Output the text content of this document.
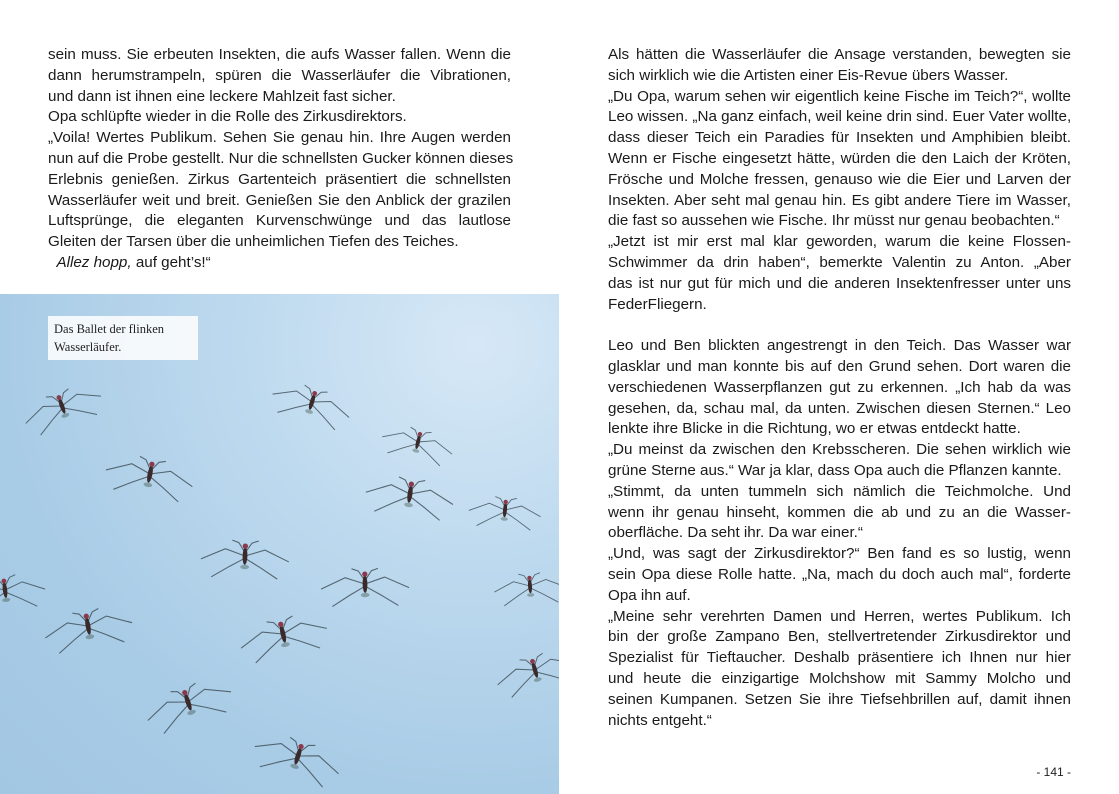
sein muss. Sie erbeuten Insekten, die aufs Wasser fallen. Wenn die
dann herumstrampeln, spüren die Wasserläufer die Vibrationen,
und dann ist ihnen eine leckere Mahlzeit fast sicher.
Opa schlüpfte wieder in die Rolle des Zirkusdirektors.
„Voila! Wertes Publikum. Sehen Sie genau hin. Ihre Augen werden
nun auf die Probe gestellt. Nur die schnellsten Gucker können dieses
Erlebnis genießen. Zirkus Gartenteich präsentiert die schnellsten
Wasserläufer weit und breit. Genießen Sie den Anblick der grazilen
Luftsprünge, die eleganten Kurvenschwünge und das lautlose
Gleiten der Tarsen über die unheimlichen Tiefen des Teiches.
Allez hopp, auf geht’s!“
Das Ballet der flinken
Wasserläufer.
Als hätten die Wasserläufer die Ansage verstanden, bewegten sie
sich wirklich wie die Artisten einer Eis-Revue übers Wasser.
„Du Opa, warum sehen wir eigentlich keine Fische im Teich?“, wollte
Leo wissen. „Na ganz einfach, weil keine drin sind. Euer Vater wollte,
dass dieser Teich ein Paradies für Insekten und Amphibien bleibt.
Wenn er Fische eingesetzt hätte, würden die den Laich der Kröten,
Frösche und Molche fressen, genauso wie die Eier und Larven der
Insekten. Aber seht mal genau hin. Es gibt andere Tiere im Wasser,
die fast so aussehen wie Fische. Ihr müsst nur genau beobachten.“
„Jetzt ist mir erst mal klar geworden, warum die keine Flossen-
Schwimmer da drin haben“, bemerkte Valentin zu Anton. „Aber
das ist nur gut für mich und die anderen Insektenfresser unter uns
FederFliegern.
Leo und Ben blickten angestrengt in den Teich. Das Wasser war
glasklar und man konnte bis auf den Grund sehen. Dort waren die
verschiedenen Wasserpflanzen gut zu erkennen. „Ich hab da was
gesehen, da, schau mal, da unten. Zwischen diesen Sternen.“ Leo
lenkte ihre Blicke in die Richtung, wo er etwas entdeckt hatte.
„Du meinst da zwischen den Krebsscheren. Die sehen wirklich wie
grüne Sterne aus.“ War ja klar, dass Opa auch die Pflanzen kannte.
„Stimmt, da unten tummeln sich nämlich die Teichmolche. Und
wenn ihr genau hinseht, kommen die ab und zu an die Wasser-
oberfläche. Da seht ihr. Da war einer.“
„Und, was sagt der Zirkusdirektor?“ Ben fand es so lustig, wenn
sein Opa diese Rolle hatte. „Na, mach du doch auch mal“, forderte
Opa ihn auf.
„Meine sehr verehrten Damen und Herren, wertes Publikum. Ich
bin der große Zampano Ben, stellvertretender Zirkusdirektor und
Spezialist für Tieftaucher. Deshalb präsentiere ich Ihnen nur hier
und heute die einzigartige Molchshow mit Sammy Molcho und
seinen Kumpanen. Setzen Sie ihre Tiefsehbrillen auf, damit ihnen
nichts entgeht.“
- 141 -
